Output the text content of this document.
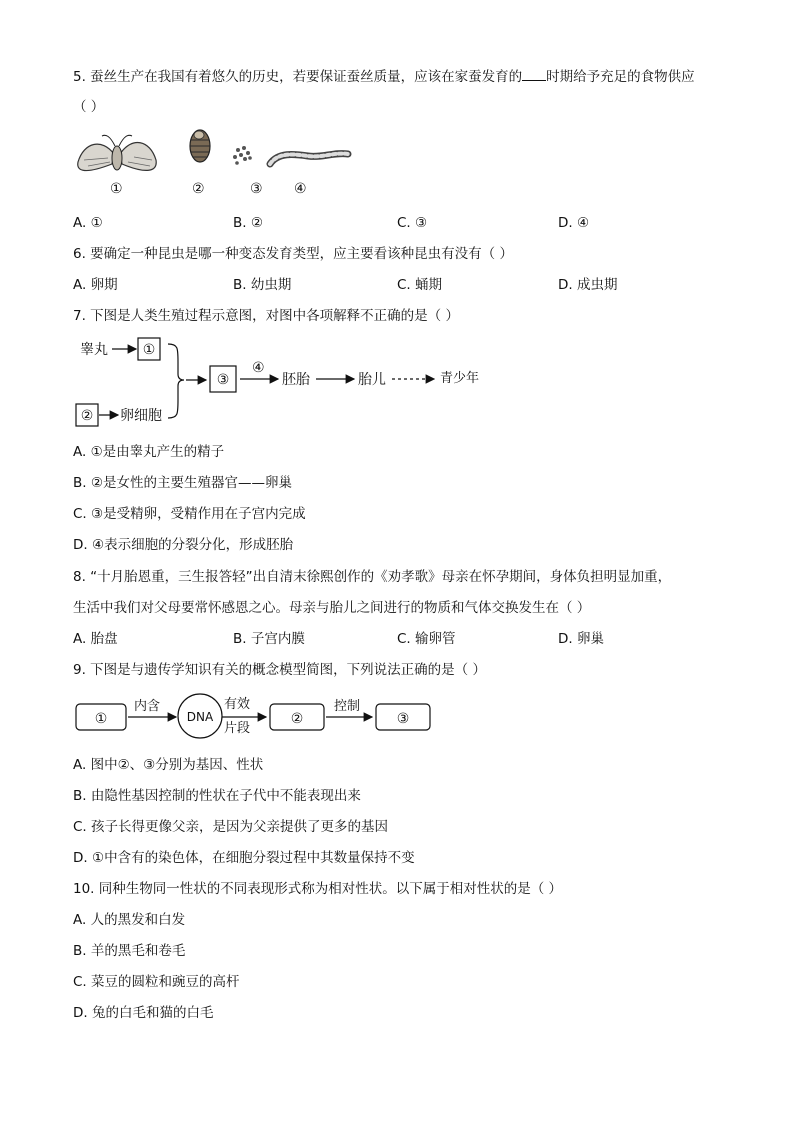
5. 蚕丝生产在我国有着悠久的历史，若要保证蚕丝质量，应该在家蚕发育的 时期给予充足的食物供应
（ ）
①	②	③ ④
A. ①	B. ②	C. ③	D. ④
6. 要确定一种昆虫是哪一种变态发育类型，应主要看该种昆虫有没有（ ）
A. 卵期	B. 幼虫期	C. 蛹期	D. 成虫期
7. 下图是人类生殖过程示意图，对图中各项解释不正确的是（ ）
睾丸 ①
② 卵细胞
③
④
胚胎	胎儿	青少年
A. ①是由睾丸产生的精子
B. ②是女性的主要生殖器官——卵巢
C. ③是受精卵，受精作用在子宫内完成
D. ④表示细胞的分裂分化，形成胚胎
8. “十月胎恩重，三生报答轻”出自清末徐熙创作的《劝孝歌》母亲在怀孕期间，身体负担明显加重，
生活中我们对父母要常怀感恩之心。母亲与胎儿之间进行的物质和气体交换发生在（ ）
A. 胎盘	B. 子宫内膜	C. 输卵管	D. 卵巢
9. 下图是与遗传学知识有关的概念模型简图，下列说法正确的是（ ）
①
内含
DNA
有效
片段
②
控制
③
A. 图中②、③分别为基因、性状
B. 由隐性基因控制的性状在子代中不能表现出来
C. 孩子长得更像父亲，是因为父亲提供了更多的基因
D. ①中含有的染色体，在细胞分裂过程中其数量保持不变
10. 同种生物同一性状的不同表现形式称为相对性状。以下属于相对性状的是（ ）
A. 人的黑发和白发
B. 羊的黑毛和卷毛
C. 菜豆的圆粒和豌豆的高杆
D. 兔的白毛和猫的白毛
